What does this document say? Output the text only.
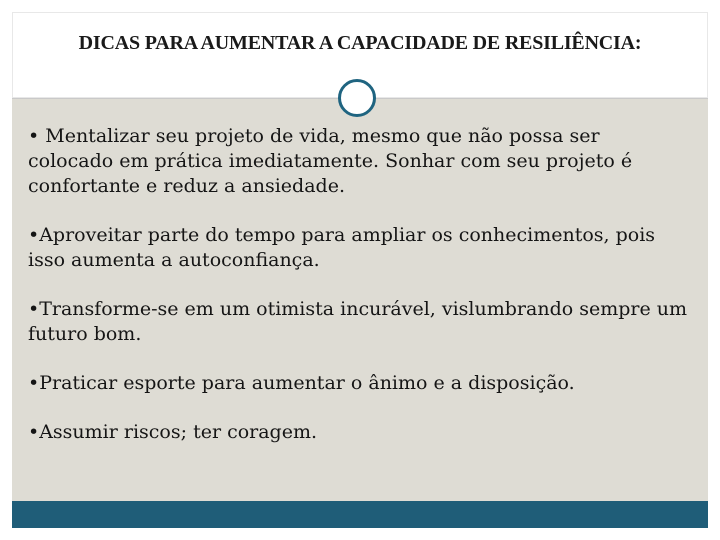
DICAS PARA AUMENTAR A CAPACIDADE DE RESILIÊNCIA:
• Mentalizar seu projeto de vida, mesmo que não possa ser colocado em prática imediatamente. Sonhar com seu projeto é confortante e reduz a ansiedade.
•Aproveitar parte do tempo para ampliar os conhecimentos, pois isso aumenta a autoconfiança.
•Transforme-se em um otimista incurável, vislumbrando sempre um futuro bom.
•Praticar esporte para aumentar o ânimo e a disposição.
•Assumir riscos; ter coragem.
